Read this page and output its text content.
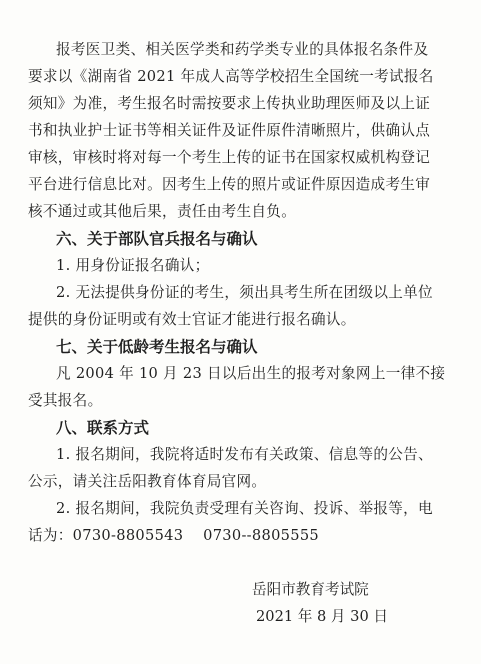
报考医卫类、相关医学类和药学类专业的具体报名条件及
要求以《湖南省 2021 年成人高等学校招生全国统一考试报名
须知》为准，考生报名时需按要求上传执业助理医师及以上证
书和执业护士证书等相关证件及证件原件清晰照片，供确认点
审核，审核时将对每一个考生上传的证书在国家权威机构登记
平台进行信息比对。因考生上传的照片或证件原因造成考生审
核不通过或其他后果，责任由考生自负。
六、关于部队官兵报名与确认
1. 用身份证报名确认；
2. 无法提供身份证的考生，须出具考生所在团级以上单位
提供的身份证明或有效士官证才能进行报名确认。
七、关于低龄考生报名与确认
凡 2004 年 10 月 23 日以后出生的报考对象网上一律不接
受其报名。
八、联系方式
1. 报名期间，我院将适时发布有关政策、信息等的公告、
公示，请关注岳阳教育体育局官网。
2. 报名期间，我院负责受理有关咨询、投诉、举报等，电
话为：0730-8805543    0730--8805555
岳阳市教育考试院
2021 年 8 月 30 日
